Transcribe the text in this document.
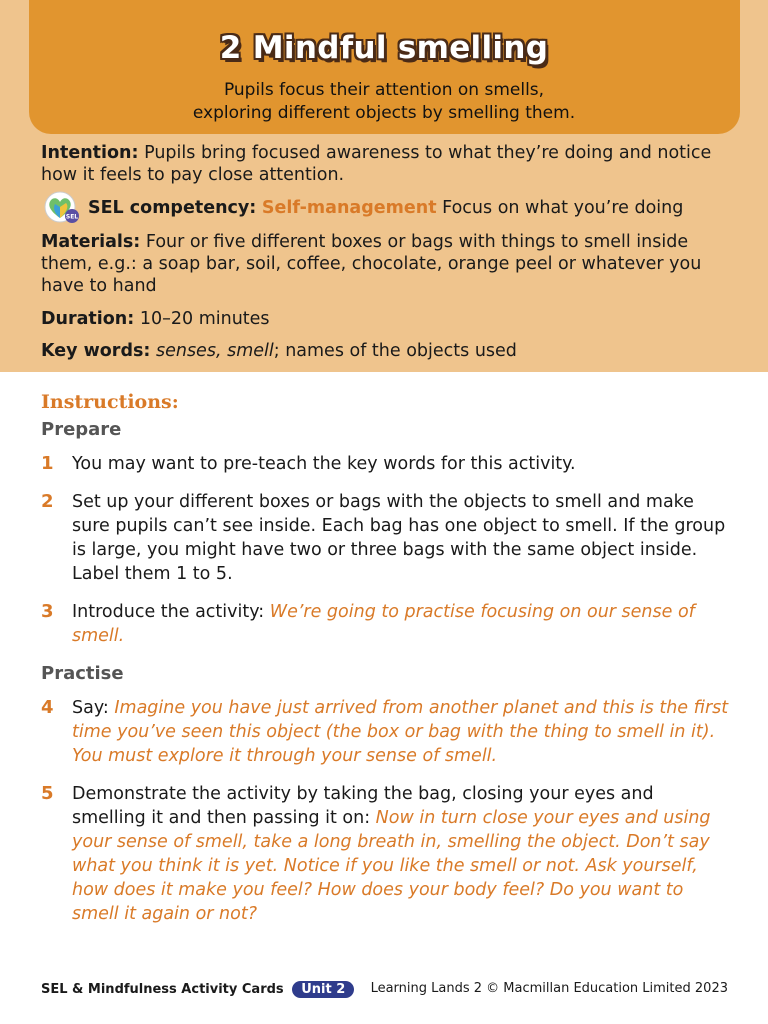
2 Mindful smelling
Pupils focus their attention on smells,
exploring different objects by smelling them.
Intention: Pupils bring focused awareness to what they’re doing and notice how it feels to pay close attention.
SEL SEL competency: Self-management Focus on what you’re doing
Materials: Four or five different boxes or bags with things to smell inside them, e.g.: a soap bar, soil, coffee, chocolate, orange peel or whatever you have to hand
Duration: 10–20 minutes
Key words: senses, smell; names of the objects used
Instructions:
Prepare
1 You may want to pre-teach the key words for this activity.
2 Set up your different boxes or bags with the objects to smell and make sure pupils can’t see inside. Each bag has one object to smell. If the group is large, you might have two or three bags with the same object inside. Label them 1 to 5.
3 Introduce the activity: We’re going to practise focusing on our sense of smell.
Practise
4 Say: Imagine you have just arrived from another planet and this is the first time you’ve seen this object (the box or bag with the thing to smell in it). You must explore it through your sense of smell.
5 Demonstrate the activity by taking the bag, closing your eyes and smelling it and then passing it on: Now in turn close your eyes and using your sense of smell, take a long breath in, smelling the object. Don’t say what you think it is yet. Notice if you like the smell or not. Ask yourself, how does it make you feel? How does your body feel? Do you want to smell it again or not?
SEL & Mindfulness Activity Cards Unit 2	Learning Lands 2 © Macmillan Education Limited 2023
